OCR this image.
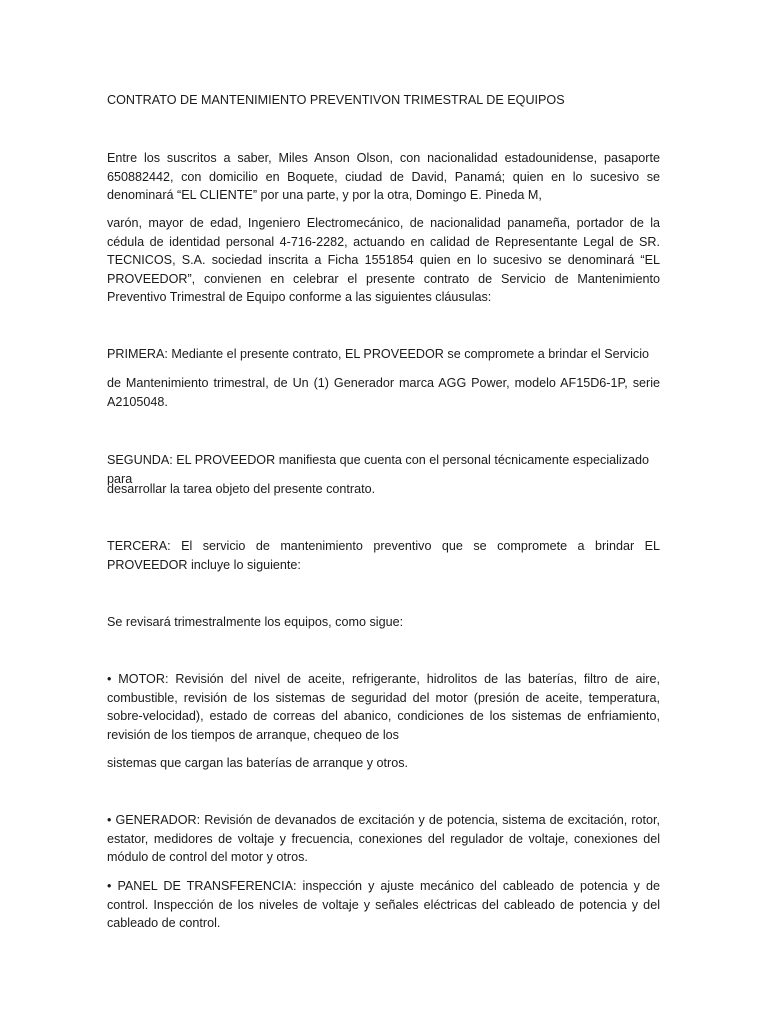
CONTRATO DE MANTENIMIENTO PREVENTIVON TRIMESTRAL DE EQUIPOS

Entre los suscritos a saber, Miles Anson Olson, con nacionalidad estadounidense, pasaporte 650882442, con domicilio en Boquete, ciudad de David, Panamá; quien en lo sucesivo se denominará “EL CLIENTE” por una parte, y por la otra, Domingo E. Pineda M,

varón, mayor de edad, Ingeniero Electromecánico, de nacionalidad panameña, portador de la cédula de identidad personal 4-716-2282, actuando en calidad de Representante Legal de SR. TECNICOS, S.A. sociedad inscrita a Ficha 1551854 quien en lo sucesivo se denominará “EL PROVEEDOR”, convienen en celebrar el presente contrato de Servicio de Mantenimiento Preventivo Trimestral de Equipo conforme a las siguientes cláusulas:

PRIMERA: Mediante el presente contrato, EL PROVEEDOR se compromete a brindar el Servicio

de Mantenimiento trimestral, de Un (1) Generador marca AGG Power, modelo AF15D6-1P, serie A2105048.

SEGUNDA: EL PROVEEDOR manifiesta que cuenta con el personal técnicamente especializado para

desarrollar la tarea objeto del presente contrato.

TERCERA: El servicio de mantenimiento preventivo que se compromete a brindar EL PROVEEDOR incluye lo siguiente:

Se revisará trimestralmente los equipos, como sigue:

• MOTOR: Revisión del nivel de aceite, refrigerante, hidrolitos de las baterías, filtro de aire, combustible, revisión de los sistemas de seguridad del motor (presión de aceite, temperatura, sobre-velocidad), estado de correas del abanico, condiciones de los sistemas de enfriamiento, revisión de los tiempos de arranque, chequeo de los

sistemas que cargan las baterías de arranque y otros.

• GENERADOR: Revisión de devanados de excitación y de potencia, sistema de excitación, rotor, estator, medidores de voltaje y frecuencia, conexiones del regulador de voltaje, conexiones del módulo de control del motor y otros.

• PANEL DE TRANSFERENCIA: inspección y ajuste mecánico del cableado de potencia y de control. Inspección de los niveles de voltaje y señales eléctricas del cableado de potencia y del cableado de control.
